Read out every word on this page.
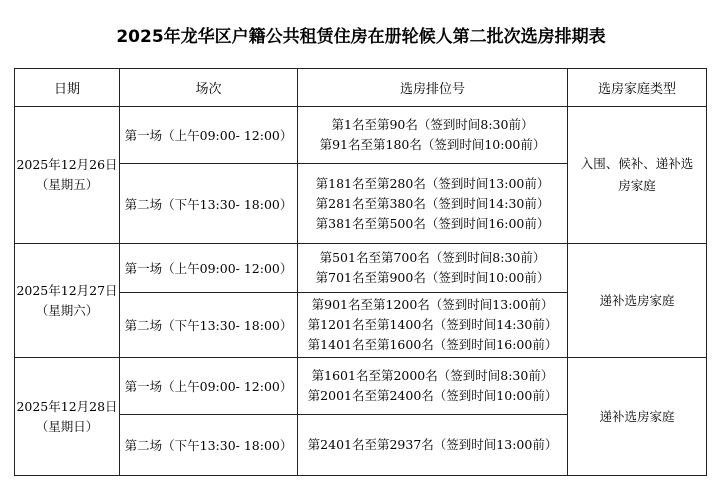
2025年龙华区户籍公共租赁住房在册轮候人第二批次选房排期表
日期	场次	选房排位号	选房家庭类型

2025年12月26日
（星期五）	第一场（上午09:00- 12:00）	第1名至第90名（签到时间8:30前）
第91名至第180名（签到时间10:00前）	入围、候补、递补选房家庭

	第二场（下午13:30- 18:00）	第181名至第280名（签到时间13:00前）
第281名至第380名（签到时间14:30前）
第381名至第500名（签到时间16:00前）	

2025年12月27日
（星期六）	第一场（上午09:00- 12:00）	第501名至第700名（签到时间8:30前）
第701名至第900名（签到时间10:00前）	递补选房家庭

	第二场（下午13:30- 18:00）	第901名至第1200名（签到时间13:00前）
第1201名至第1400名（签到时间14:30前）
第1401名至第1600名（签到时间16:00前）	

2025年12月28日
（星期日）	第一场（上午09:00- 12:00）	第1601名至第2000名（签到时间8:30前）
第2001名至第2400名（签到时间10:00前）	递补选房家庭

	第二场（下午13:30- 18:00）	第2401名至第2937名（签到时间13:00前）	
